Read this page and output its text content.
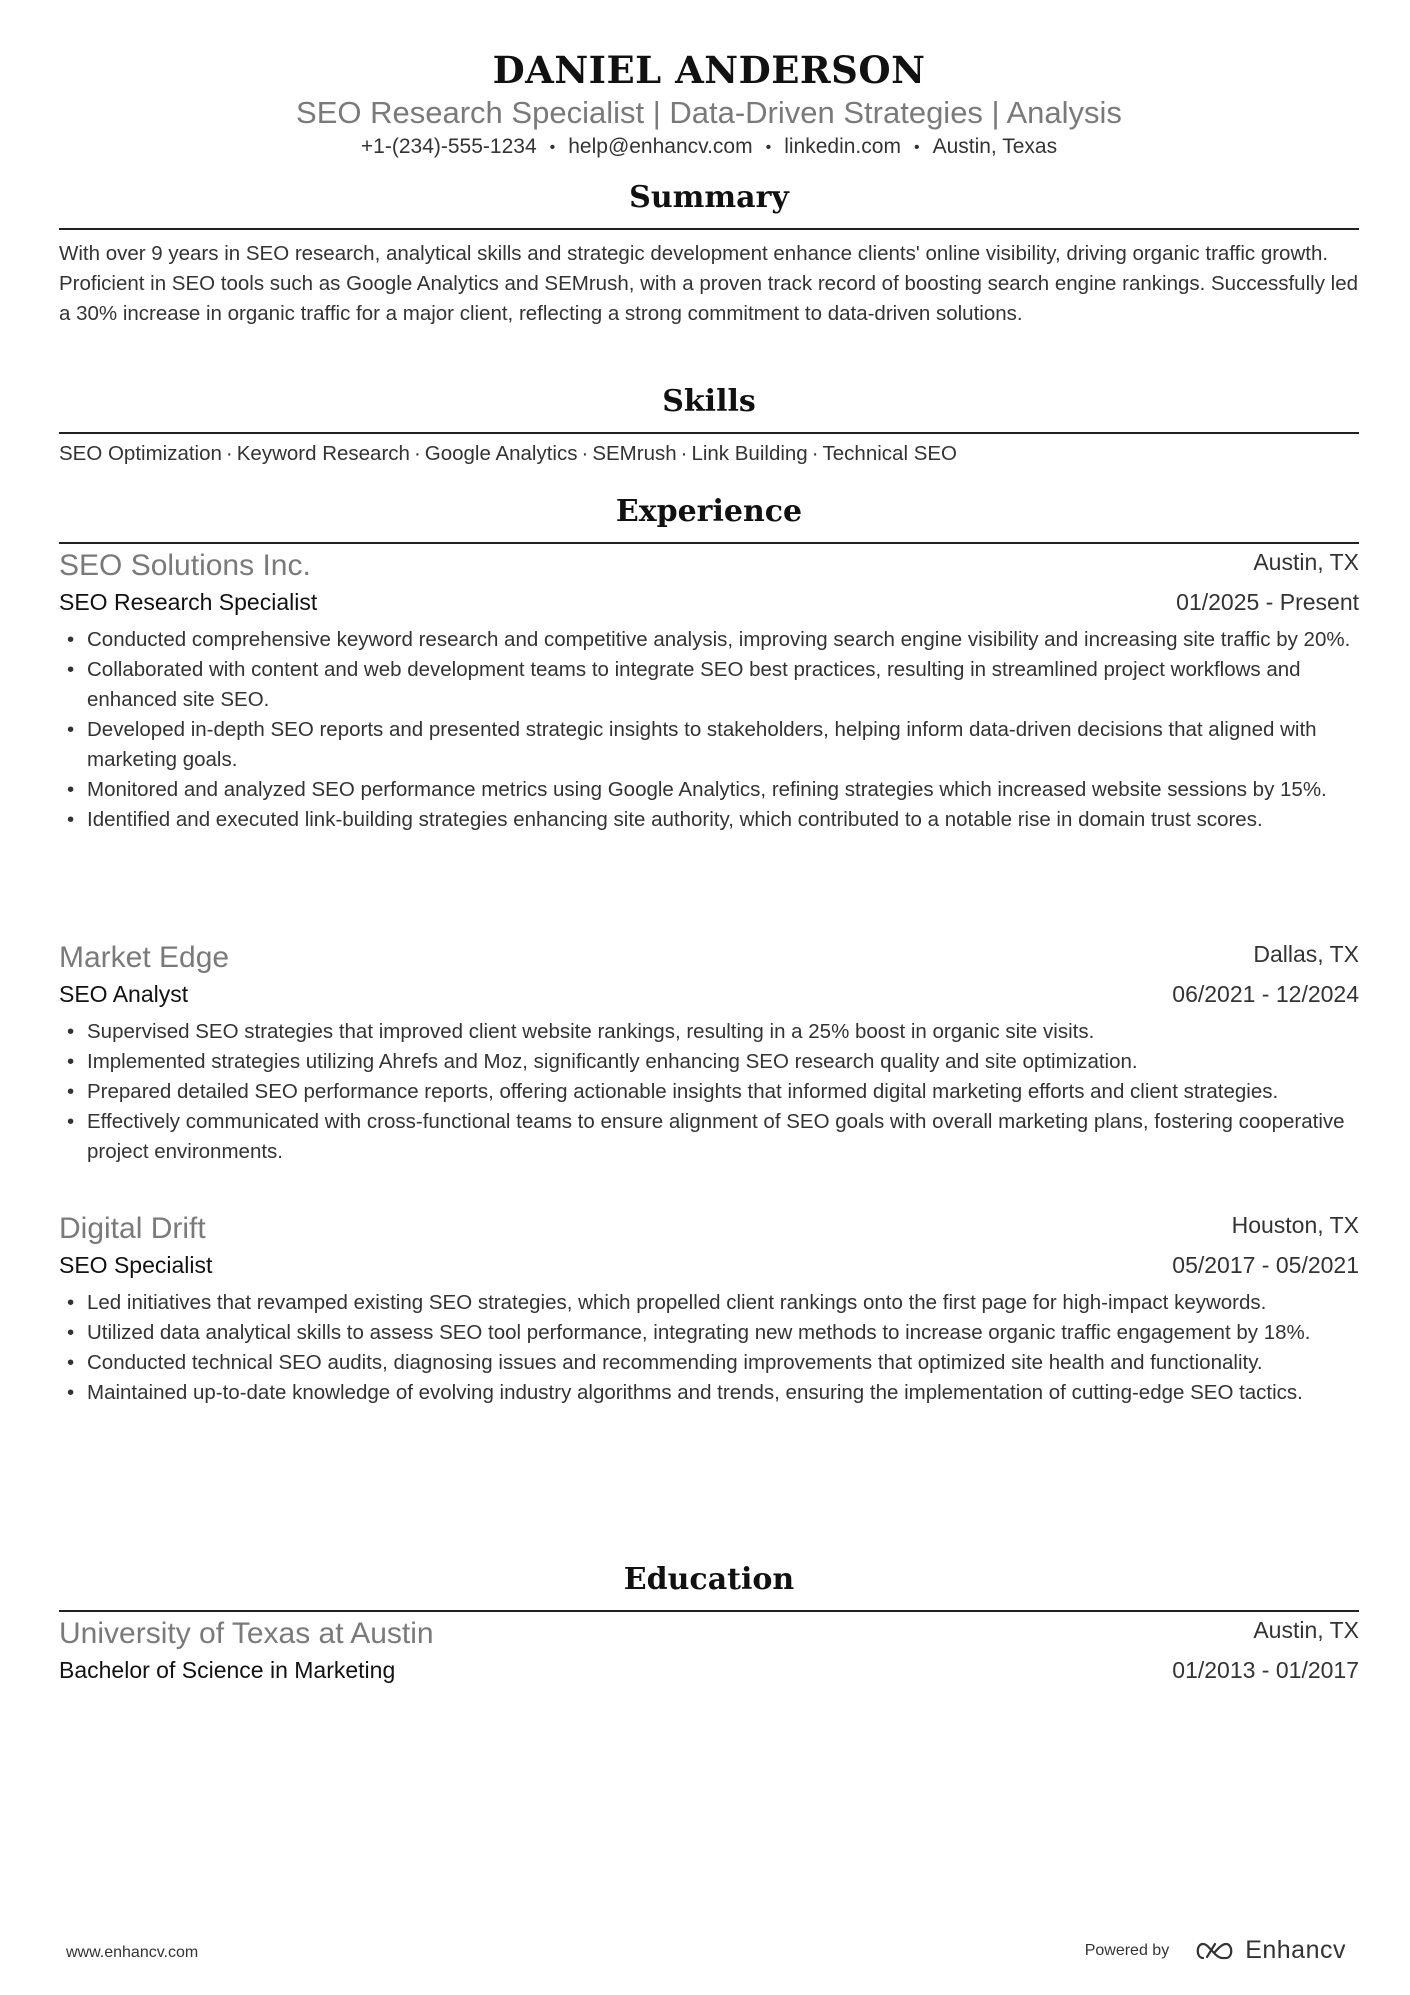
DANIEL ANDERSON
SEO Research Specialist | Data-Driven Strategies | Analysis
+1-(234)-555-1234 • help@enhancv.com • linkedin.com • Austin, Texas
Summary
With over 9 years in SEO research, analytical skills and strategic development enhance clients' online visibility, driving organic traffic growth. Proficient in SEO tools such as Google Analytics and SEMrush, with a proven track record of boosting search engine rankings. Successfully led a 30% increase in organic traffic for a major client, reflecting a strong commitment to data-driven solutions.
Skills
SEO Optimization · Keyword Research · Google Analytics · SEMrush · Link Building · Technical SEO
Experience
SEO Solutions Inc.	Austin, TX
SEO Research Specialist	01/2025 - Present
• Conducted comprehensive keyword research and competitive analysis, improving search engine visibility and increasing site traffic by 20%.
• Collaborated with content and web development teams to integrate SEO best practices, resulting in streamlined project workflows and enhanced site SEO.
• Developed in-depth SEO reports and presented strategic insights to stakeholders, helping inform data-driven decisions that aligned with marketing goals.
• Monitored and analyzed SEO performance metrics using Google Analytics, refining strategies which increased website sessions by 15%.
• Identified and executed link-building strategies enhancing site authority, which contributed to a notable rise in domain trust scores.
Market Edge	Dallas, TX
SEO Analyst	06/2021 - 12/2024
• Supervised SEO strategies that improved client website rankings, resulting in a 25% boost in organic site visits.
• Implemented strategies utilizing Ahrefs and Moz, significantly enhancing SEO research quality and site optimization.
• Prepared detailed SEO performance reports, offering actionable insights that informed digital marketing efforts and client strategies.
• Effectively communicated with cross-functional teams to ensure alignment of SEO goals with overall marketing plans, fostering cooperative project environments.
Digital Drift	Houston, TX
SEO Specialist	05/2017 - 05/2021
• Led initiatives that revamped existing SEO strategies, which propelled client rankings onto the first page for high-impact keywords.
• Utilized data analytical skills to assess SEO tool performance, integrating new methods to increase organic traffic engagement by 18%.
• Conducted technical SEO audits, diagnosing issues and recommending improvements that optimized site health and functionality.
• Maintained up-to-date knowledge of evolving industry algorithms and trends, ensuring the implementation of cutting-edge SEO tactics.
Education
University of Texas at Austin	Austin, TX
Bachelor of Science in Marketing	01/2013 - 01/2017
www.enhancv.com	Powered by	Enhancv
